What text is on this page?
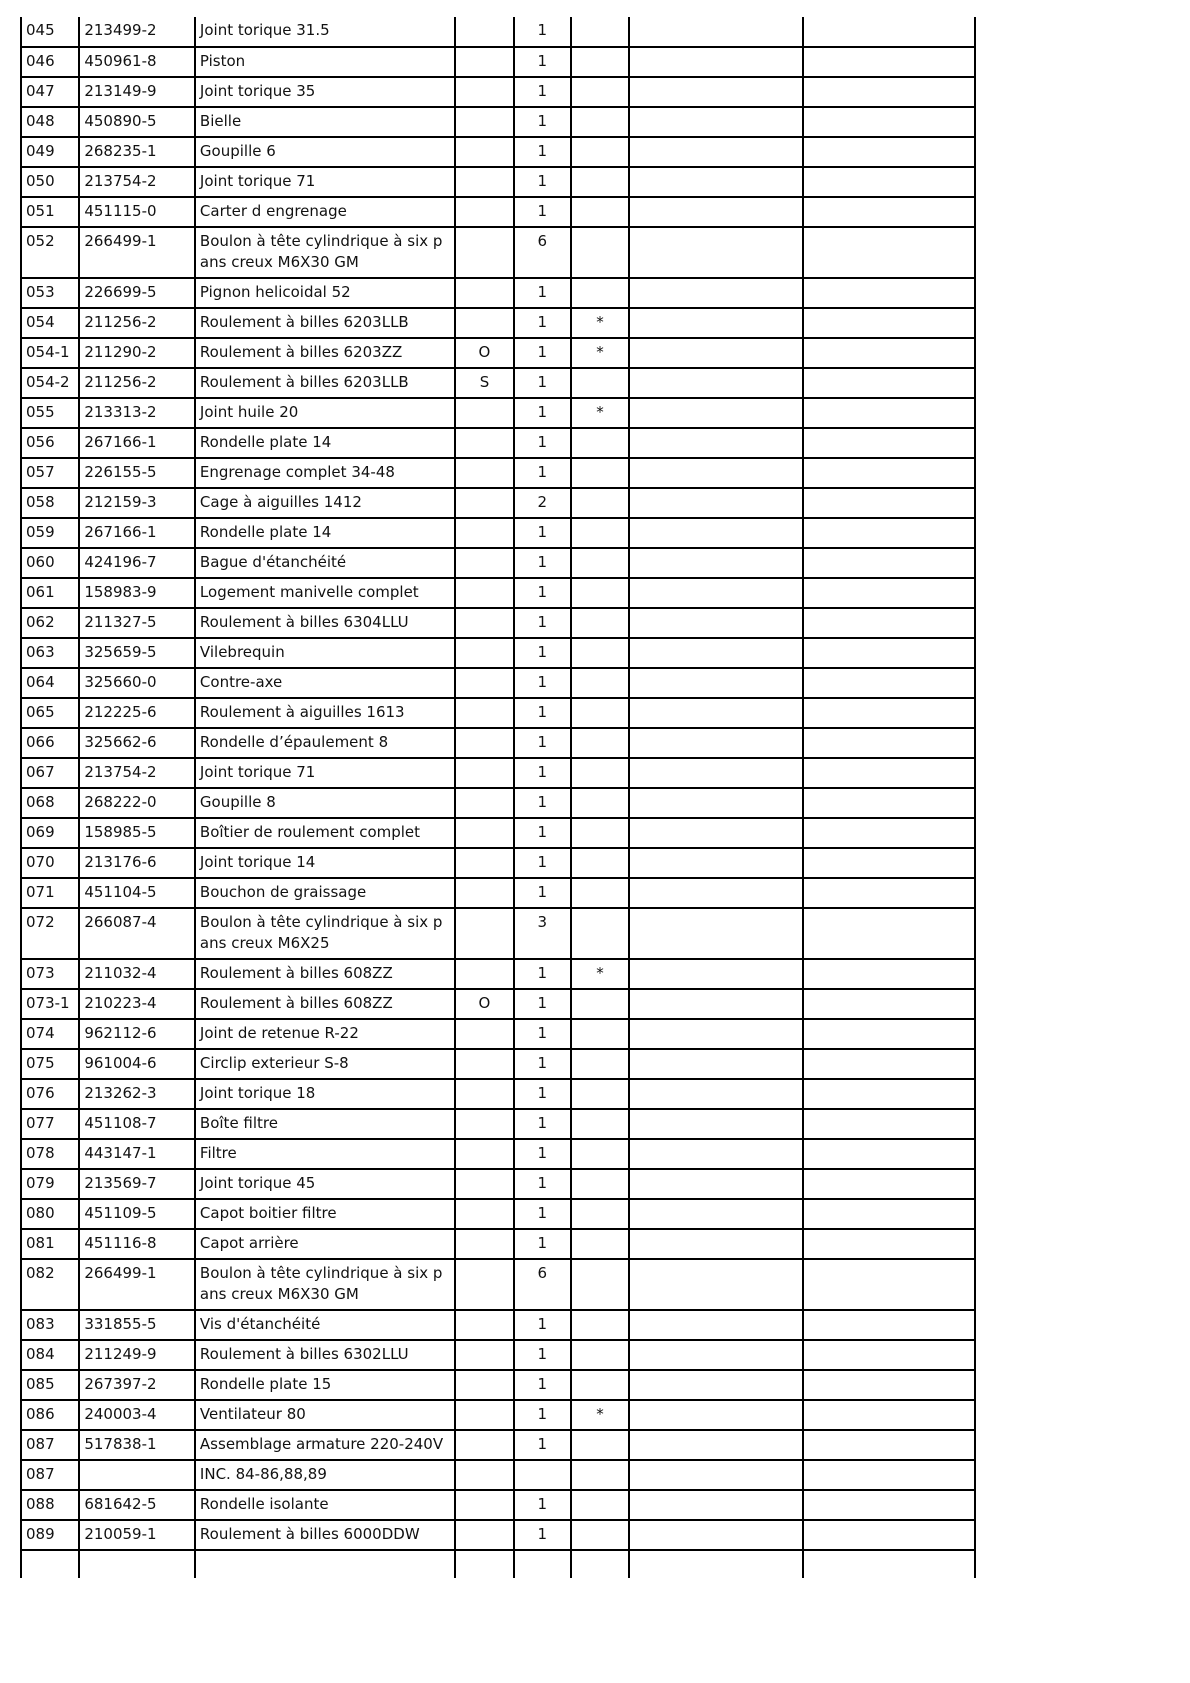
045	213499-2	Joint torique 31.5		1			
046	450961-8	Piston		1			
047	213149-9	Joint torique 35		1			
048	450890-5	Bielle		1			
049	268235-1	Goupille 6		1			
050	213754-2	Joint torique 71		1			
051	451115-0	Carter d engrenage		1			
052	266499-1	Boulon à tête cylindrique à six pans creux M6X30 GM		6			
053	226699-5	Pignon helicoidal 52		1			
054	211256-2	Roulement à billes 6203LLB		1	*		
054-1	211290-2	Roulement à billes 6203ZZ	O	1	*		
054-2	211256-2	Roulement à billes 6203LLB	S	1			
055	213313-2	Joint huile 20		1	*		
056	267166-1	Rondelle plate 14		1			
057	226155-5	Engrenage complet 34-48		1			
058	212159-3	Cage à aiguilles 1412		2			
059	267166-1	Rondelle plate 14		1			
060	424196-7	Bague d'étanchéité		1			
061	158983-9	Logement manivelle complet		1			
062	211327-5	Roulement à billes 6304LLU		1			
063	325659-5	Vilebrequin		1			
064	325660-0	Contre-axe		1			
065	212225-6	Roulement à aiguilles 1613		1			
066	325662-6	Rondelle d’épaulement 8		1			
067	213754-2	Joint torique 71		1			
068	268222-0	Goupille 8		1			
069	158985-5	Boîtier de roulement complet		1			
070	213176-6	Joint torique 14		1			
071	451104-5	Bouchon de graissage		1			
072	266087-4	Boulon à tête cylindrique à six pans creux M6X25		3			
073	211032-4	Roulement à billes 608ZZ		1	*		
073-1	210223-4	Roulement à billes 608ZZ	O	1			
074	962112-6	Joint de retenue R-22		1			
075	961004-6	Circlip exterieur S-8		1			
076	213262-3	Joint torique 18		1			
077	451108-7	Boîte filtre		1			
078	443147-1	Filtre		1			
079	213569-7	Joint torique 45		1			
080	451109-5	Capot boitier filtre		1			
081	451116-8	Capot arrière		1			
082	266499-1	Boulon à tête cylindrique à six pans creux M6X30 GM		6			
083	331855-5	Vis d'étanchéité		1			
084	211249-9	Roulement à billes 6302LLU		1			
085	267397-2	Rondelle plate 15		1			
086	240003-4	Ventilateur 80		1	*		
087	517838-1	Assemblage armature 220-240V		1			
087		INC. 84-86,88,89					
088	681642-5	Rondelle isolante		1			
089	210059-1	Roulement à billes 6000DDW		1			
